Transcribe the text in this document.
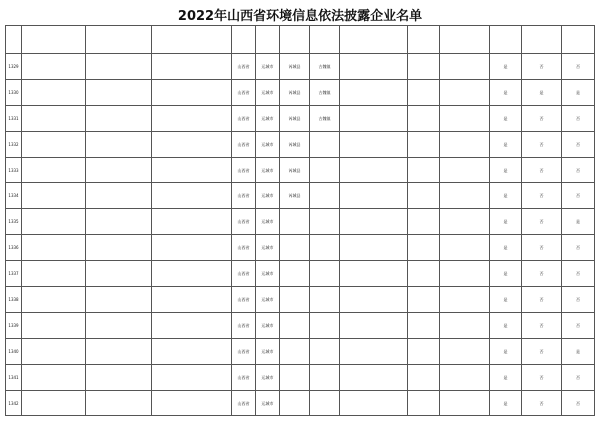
2022年山西省环境信息依法披露企业名单

1329				山西省	运城市	芮城县	古魏镇				是	否	否
1330				山西省	运城市	芮城县	古魏镇				是	是	是
1331				山西省	运城市	芮城县	古魏镇				是	否	否
1332				山西省	运城市	芮城县					是	否	否
1333				山西省	运城市	芮城县					是	否	否
1334				山西省	运城市	芮城县					是	否	否
1335				山西省	运城市						是	否	是
1336				山西省	运城市						是	否	否
1337				山西省	运城市						是	否	否
1338				山西省	运城市						是	否	否
1339				山西省	运城市						是	否	否
1340				山西省	运城市						是	否	是
1341				山西省	运城市						是	否	否
1342				山西省	运城市						是	否	否
